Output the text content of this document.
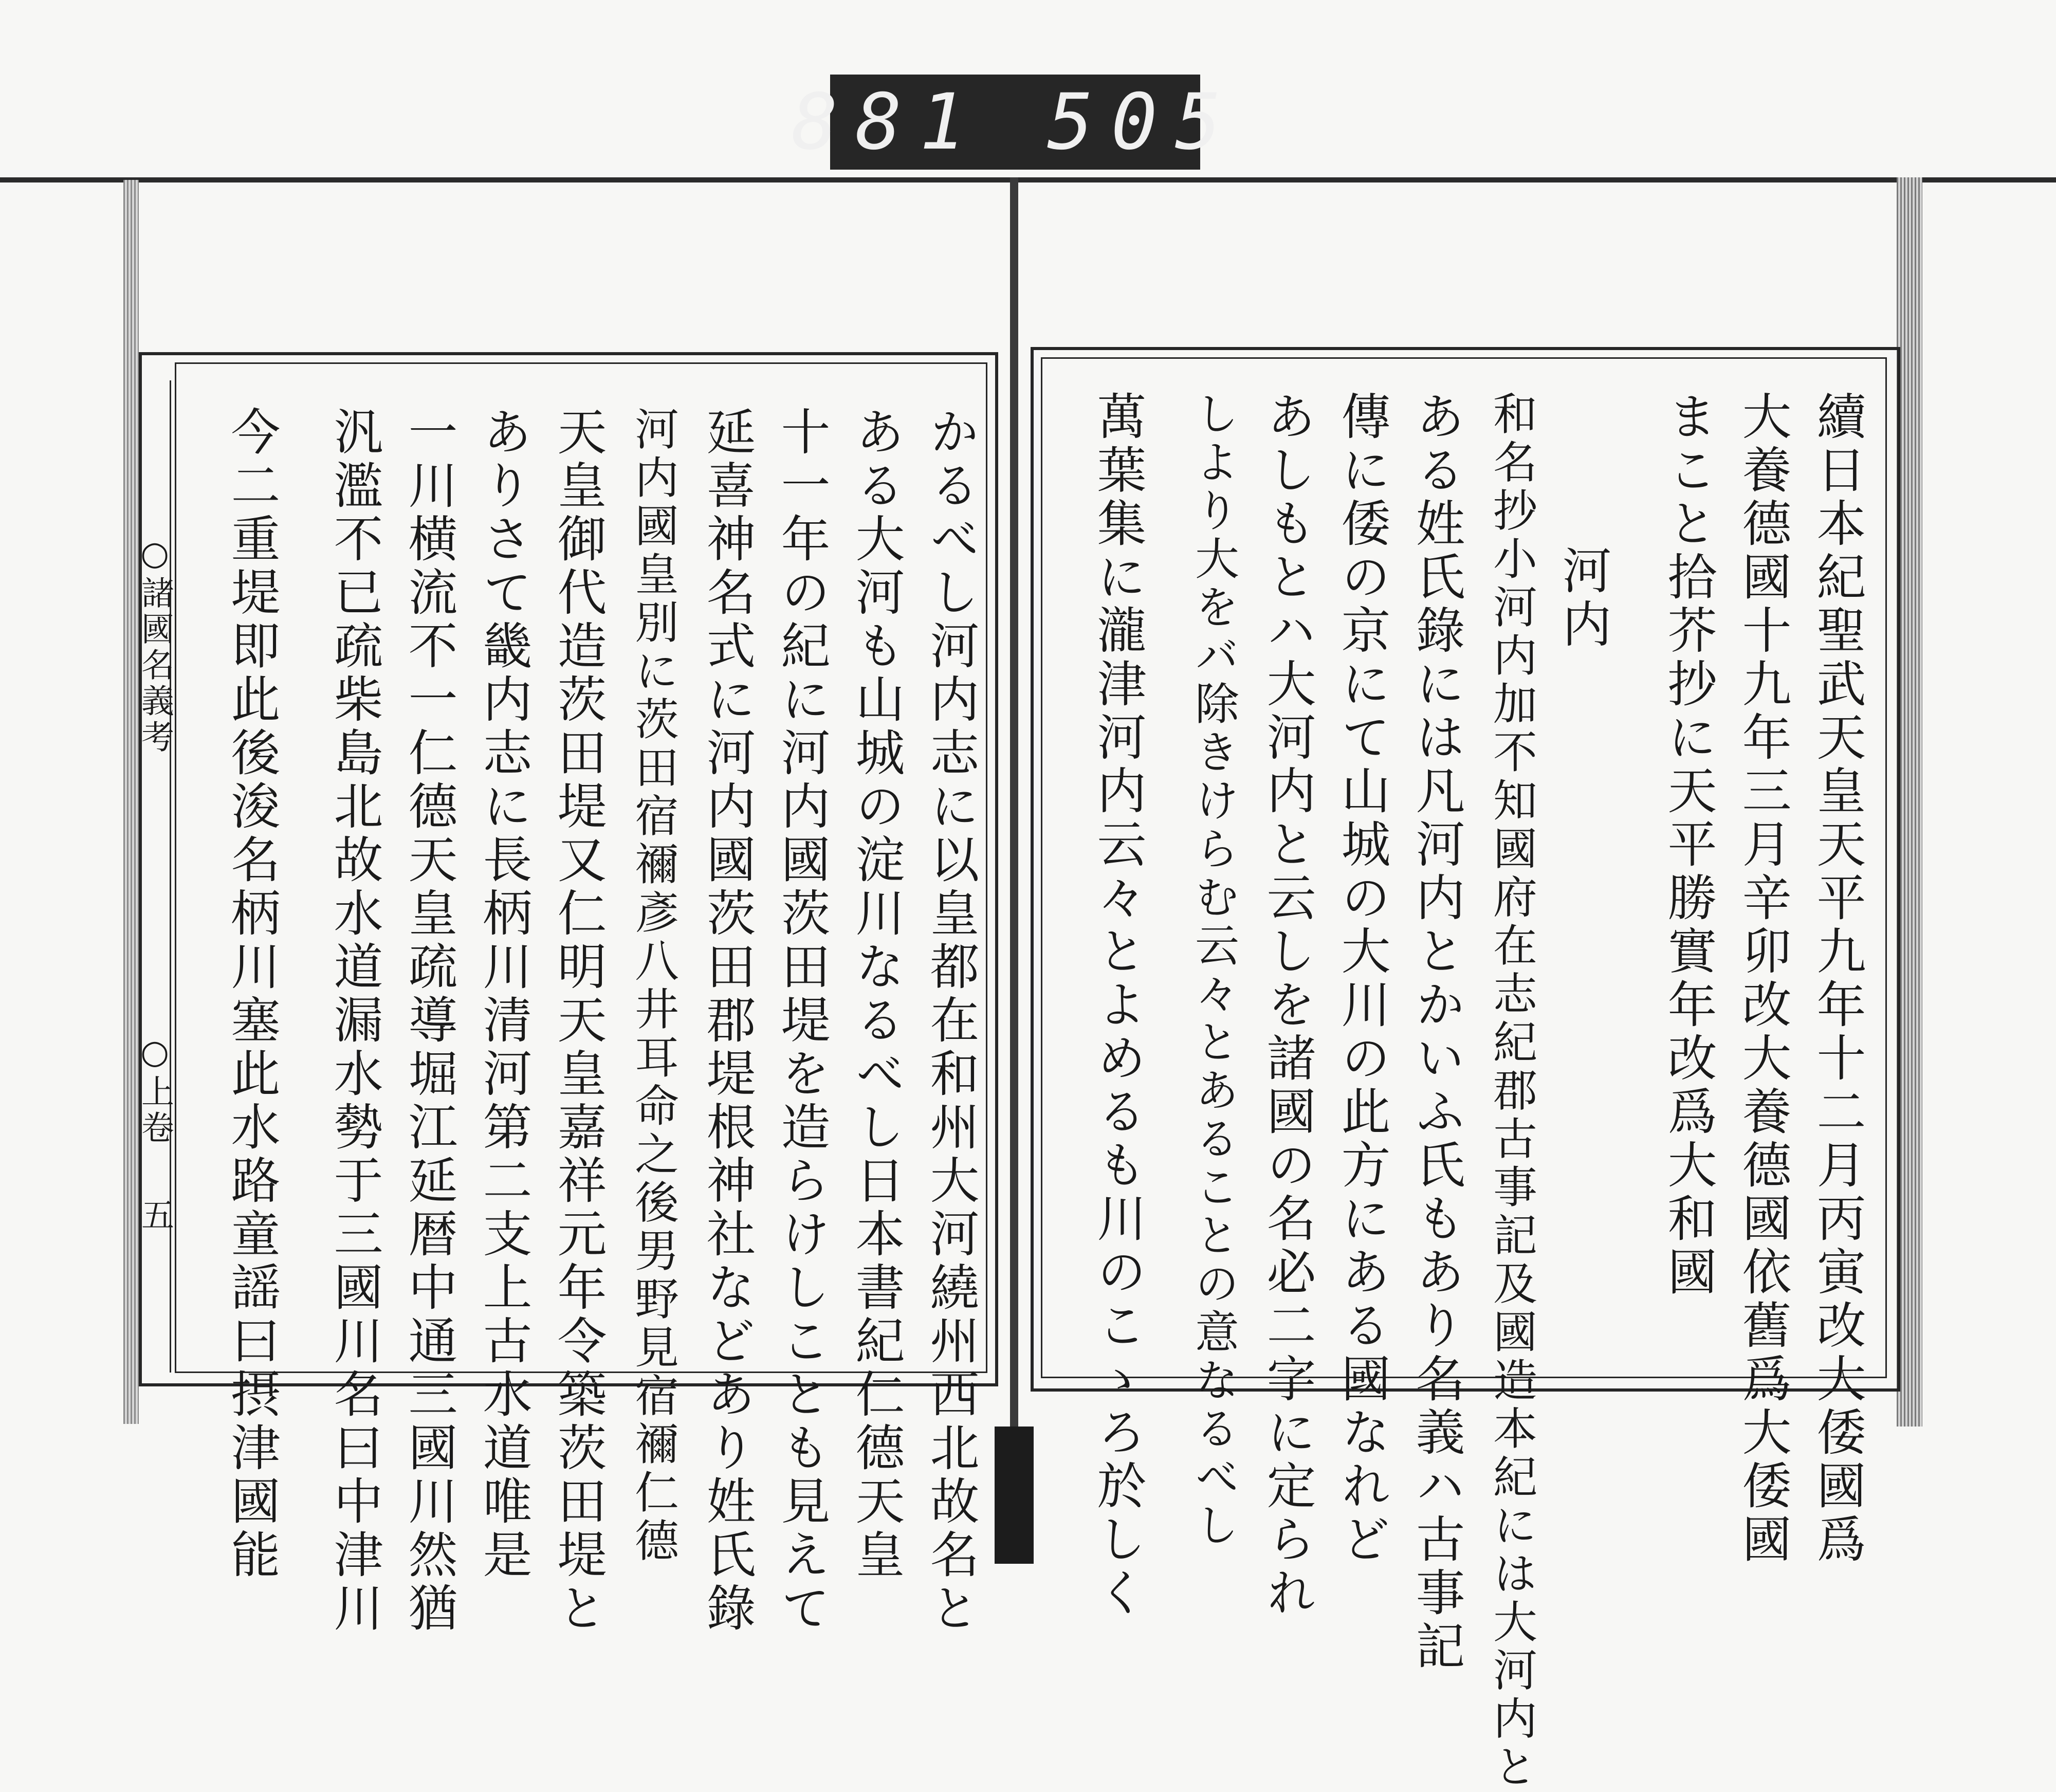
881 505
○諸國名義考
○上卷
五	かるべし河内志に以皇都在和州大河繞州西北故名と
ある大河も山城の淀川なるべし日本書紀仁德天皇
十一年の紀に河内國茨田堤を造らけしことも見えて
延喜神名式に河内國茨田郡堤根神社などあり姓氏錄
河内國皇別に茨田宿禰彥八井耳命之後男野見宿禰仁德
天皇御代造茨田堤又仁明天皇嘉祥元年令築茨田堤と
ありさて畿内志に長柄川清河第二支上古水道唯是
一川横流不一仁德天皇疏導堀江延暦中通三國川然猶
汎濫不已疏柴島北故水道漏水勢于三國川名曰中津川
今二重堤即此後浚名柄川塞此水路童謡曰摂津國能	續日本紀聖武天皇天平九年十二月丙寅改大倭國爲
大養德國十九年三月辛卯改大養德國依舊爲大倭國
まこと拾芥抄に天平勝實年改爲大和國
河内
和名抄小河内加不知國府在志紀郡古事記及國造本紀には大河内と
ある姓氏錄には凡河内とかいふ氏もあり名義ハ古事記
傳に倭の京にて山城の大川の此方にある國なれど
あしもとハ大河内と云しを諸國の名必二字に定られ
しより大をバ除きけらむ云々とあることの意なるべし
萬葉集に瀧津河内云々とよめるも川のこゝろ於しく
